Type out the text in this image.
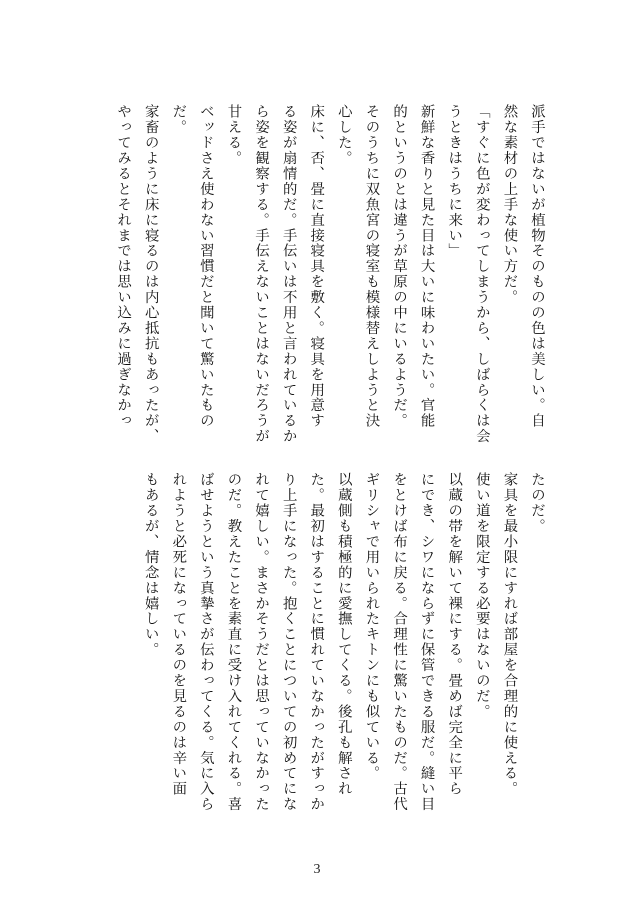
派手ではないが植物そのものの色は美しい。自

然な素材の上手な使い方だ。

「すぐに色が変わってしまうから、しばらくは会

うときはうちに来い」

新鮮な香りと見た目は大いに味わいたい。官能

的というのとは違うが草原の中にいるようだ。

そのうちに双魚宮の寝室も模様替えしようと決

心した。

床に、否、畳に直接寝具を敷く。寝具を用意す

る姿が扇情的だ。手伝いは不用と言われているか

ら姿を観察する。手伝えないことはないだろうが

甘える。

ベッドさえ使わない習慣だと聞いて驚いたもの

だ。

家畜のように床に寝るのは内心抵抗もあったが、

やってみるとそれまでは思い込みに過ぎなかっ

たのだ。

家具を最小限にすれば部屋を合理的に使える。

使い道を限定する必要はないのだ。

以蔵の帯を解いて裸にする。畳めば完全に平ら

にでき、シワにならずに保管できる服だ。縫い目

をとけば布に戻る。合理性に驚いたものだ。古代

ギリシャで用いられたキトンにも似ている。

以蔵側も積極的に愛撫してくる。後孔も解され

た。最初はすることに慣れていなかったがすっか

り上手になった。抱くことについての初めてにな

れて嬉しい。まさかそうだとは思っていなかった

のだ。教えたことを素直に受け入れてくれる。喜

ばせようという真摯さが伝わってくる。気に入ら

れようと必死になっているのを見るのは辛い面

もあるが、情念は嬉しい。

3
